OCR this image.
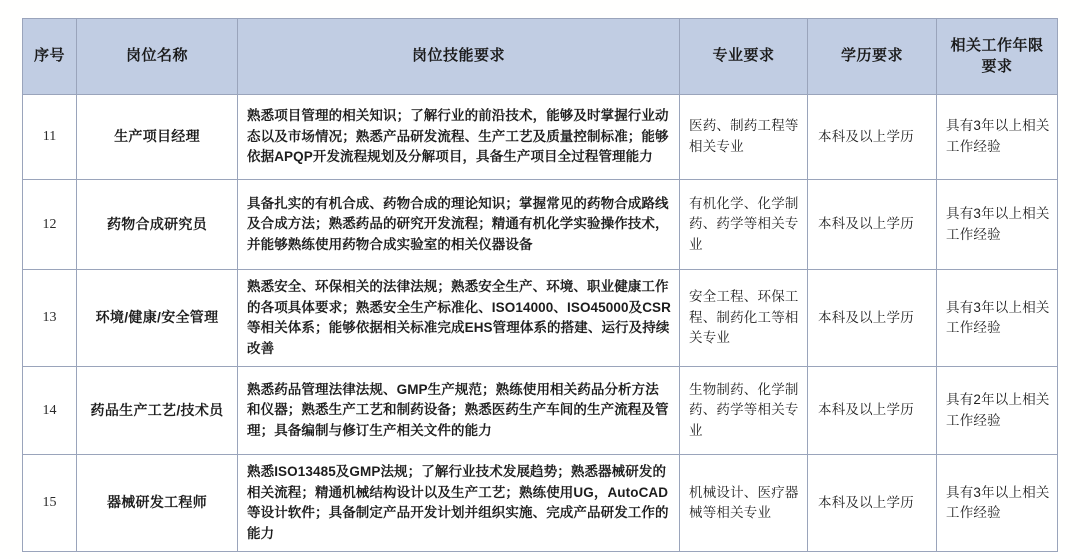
序号	岗位名称	岗位技能要求	专业要求	学历要求	相关工作年限要求
11	生产项目经理	熟悉项目管理的相关知识；了解行业的前沿技术，能够及时掌握行业动态以及市场情况；熟悉产品研发流程、生产工艺及质量控制标准；能够依据APQP开发流程规划及分解项目，具备生产项目全过程管理能力	医药、制药工程等相关专业	本科及以上学历	具有3年以上相关工作经验
12	药物合成研究员	具备扎实的有机合成、药物合成的理论知识；掌握常见的药物合成路线及合成方法；熟悉药品的研究开发流程；精通有机化学实验操作技术，并能够熟练使用药物合成实验室的相关仪器设备	有机化学、化学制药、药学等相关专业	本科及以上学历	具有3年以上相关工作经验
13	环境/健康/安全管理	熟悉安全、环保相关的法律法规；熟悉安全生产、环境、职业健康工作的各项具体要求；熟悉安全生产标准化、ISO14000、ISO45000及CSR等相关体系；能够依据相关标准完成EHS管理体系的搭建、运行及持续改善	安全工程、环保工程、制药化工等相关专业	本科及以上学历	具有3年以上相关工作经验
14	药品生产工艺/技术员	熟悉药品管理法律法规、GMP生产规范；熟练使用相关药品分析方法和仪器；熟悉生产工艺和制药设备；熟悉医药生产车间的生产流程及管理；具备编制与修订生产相关文件的能力	生物制药、化学制药、药学等相关专业	本科及以上学历	具有2年以上相关工作经验
15	器械研发工程师	熟悉ISO13485及GMP法规；了解行业技术发展趋势；熟悉器械研发的相关流程；精通机械结构设计以及生产工艺；熟练使用UG，AutoCAD等设计软件；具备制定产品开发计划并组织实施、完成产品研发工作的能力	机械设计、医疗器械等相关专业	本科及以上学历	具有3年以上相关工作经验
